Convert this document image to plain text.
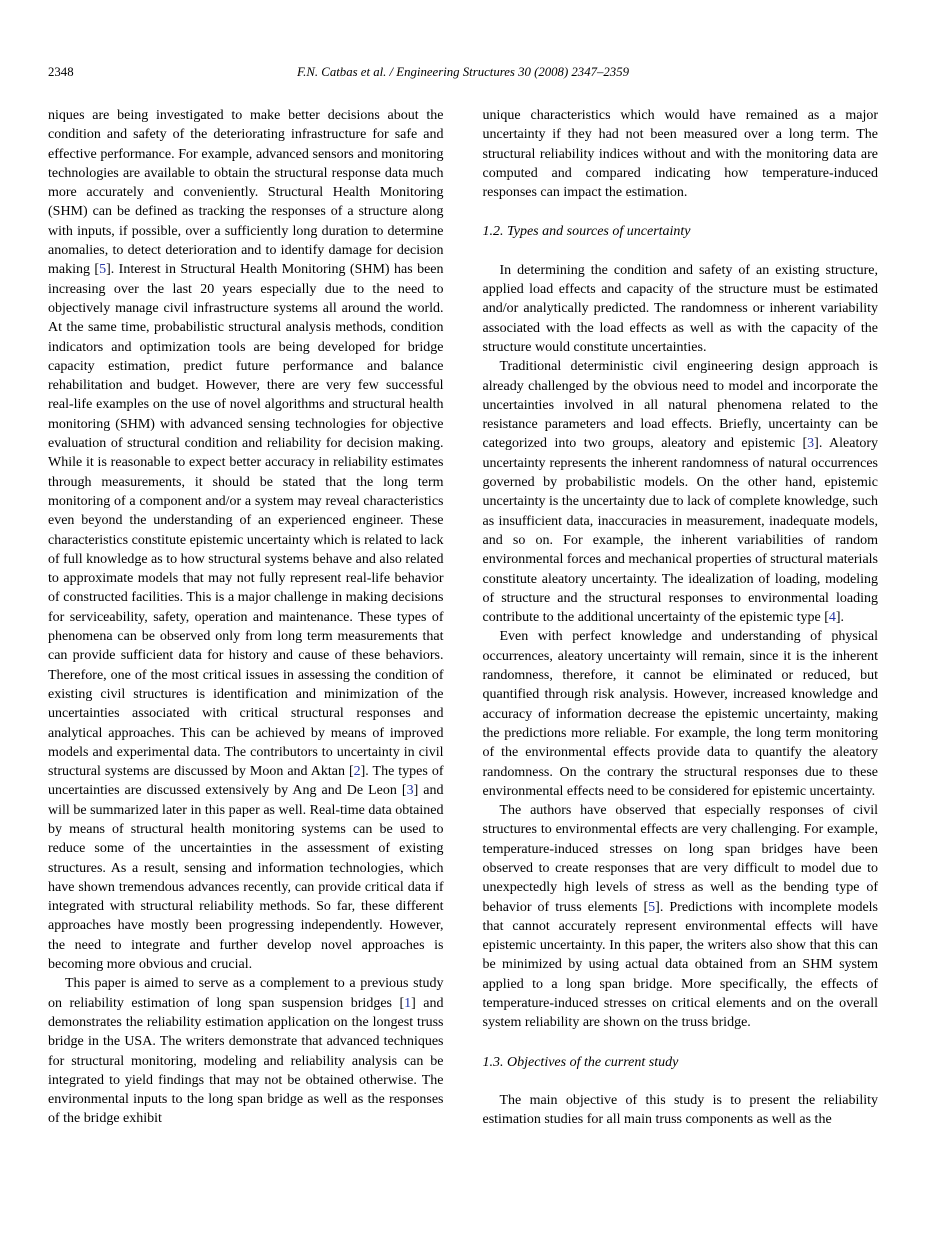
2348	F.N. Catbas et al. / Engineering Structures 30 (2008) 2347–2359

niques are being investigated to make better decisions about the condition and safety of the deteriorating infrastructure for safe and effective performance. For example, advanced sensors and monitoring technologies are available to obtain the structural response data much more accurately and conveniently. Structural Health Monitoring (SHM) can be defined as tracking the responses of a structure along with inputs, if possible, over a sufficiently long duration to determine anomalies, to detect deterioration and to identify damage for decision making [5]. Interest in Structural Health Monitoring (SHM) has been increasing over the last 20 years especially due to the need to objectively manage civil infrastructure systems all around the world. At the same time, probabilistic structural analysis methods, condition indicators and optimization tools are being developed for bridge capacity estimation, predict future performance and balance rehabilitation and budget. However, there are very few successful real-life examples on the use of novel algorithms and structural health monitoring (SHM) with advanced sensing technologies for objective evaluation of structural condition and reliability for decision making. While it is reasonable to expect better accuracy in reliability estimates through measurements, it should be stated that the long term monitoring of a component and/or a system may reveal characteristics even beyond the understanding of an experienced engineer. These characteristics constitute epistemic uncertainty which is related to lack of full knowledge as to how structural systems behave and also related to approximate models that may not fully represent real-life behavior of constructed facilities. This is a major challenge in making decisions for serviceability, safety, operation and maintenance. These types of phenomena can be observed only from long term measurements that can provide sufficient data for history and cause of these behaviors. Therefore, one of the most critical issues in assessing the condition of existing civil structures is identification and minimization of the uncertainties associated with critical structural responses and analytical approaches. This can be achieved by means of improved models and experimental data. The contributors to uncertainty in civil structural systems are discussed by Moon and Aktan [2]. The types of uncertainties are discussed extensively by Ang and De Leon [3] and will be summarized later in this paper as well. Real-time data obtained by means of structural health monitoring systems can be used to reduce some of the uncertainties in the assessment of existing structures. As a result, sensing and information technologies, which have shown tremendous advances recently, can provide critical data if integrated with structural reliability methods. So far, these different approaches have mostly been progressing independently. However, the need to integrate and further develop novel approaches is becoming more obvious and crucial.

This paper is aimed to serve as a complement to a previous study on reliability estimation of long span suspension bridges [1] and demonstrates the reliability estimation application on the longest truss bridge in the USA. The writers demonstrate that advanced techniques for structural monitoring, modeling and reliability analysis can be integrated to yield findings that may not be obtained otherwise. The environmental inputs to the long span bridge as well as the responses of the bridge exhibit

unique characteristics which would have remained as a major uncertainty if they had not been measured over a long term. The structural reliability indices without and with the monitoring data are computed and compared indicating how temperature-induced responses can impact the estimation.

1.2. Types and sources of uncertainty

In determining the condition and safety of an existing structure, applied load effects and capacity of the structure must be estimated and/or analytically predicted. The randomness or inherent variability associated with the load effects as well as with the capacity of the structure would constitute uncertainties.

Traditional deterministic civil engineering design approach is already challenged by the obvious need to model and incorporate the uncertainties involved in all natural phenomena related to the resistance parameters and load effects. Briefly, uncertainty can be categorized into two groups, aleatory and epistemic [3]. Aleatory uncertainty represents the inherent randomness of natural occurrences governed by probabilistic models. On the other hand, epistemic uncertainty is the uncertainty due to lack of complete knowledge, such as insufficient data, inaccuracies in measurement, inadequate models, and so on. For example, the inherent variabilities of random environmental forces and mechanical properties of structural materials constitute aleatory uncertainty. The idealization of loading, modeling of structure and the structural responses to environmental loading contribute to the additional uncertainty of the epistemic type [4].

Even with perfect knowledge and understanding of physical occurrences, aleatory uncertainty will remain, since it is the inherent randomness, therefore, it cannot be eliminated or reduced, but quantified through risk analysis. However, increased knowledge and accuracy of information decrease the epistemic uncertainty, making the predictions more reliable. For example, the long term monitoring of the environmental effects provide data to quantify the aleatory randomness. On the contrary the structural responses due to these environmental effects need to be considered for epistemic uncertainty.

The authors have observed that especially responses of civil structures to environmental effects are very challenging. For example, temperature-induced stresses on long span bridges have been observed to create responses that are very difficult to model due to unexpectedly high levels of stress as well as the bending type of behavior of truss elements [5]. Predictions with incomplete models that cannot accurately represent environmental effects will have epistemic uncertainty. In this paper, the writers also show that this can be minimized by using actual data obtained from an SHM system applied to a long span bridge. More specifically, the effects of temperature-induced stresses on critical elements and on the overall system reliability are shown on the truss bridge.

1.3. Objectives of the current study

The main objective of this study is to present the reliability estimation studies for all main truss components as well as the
